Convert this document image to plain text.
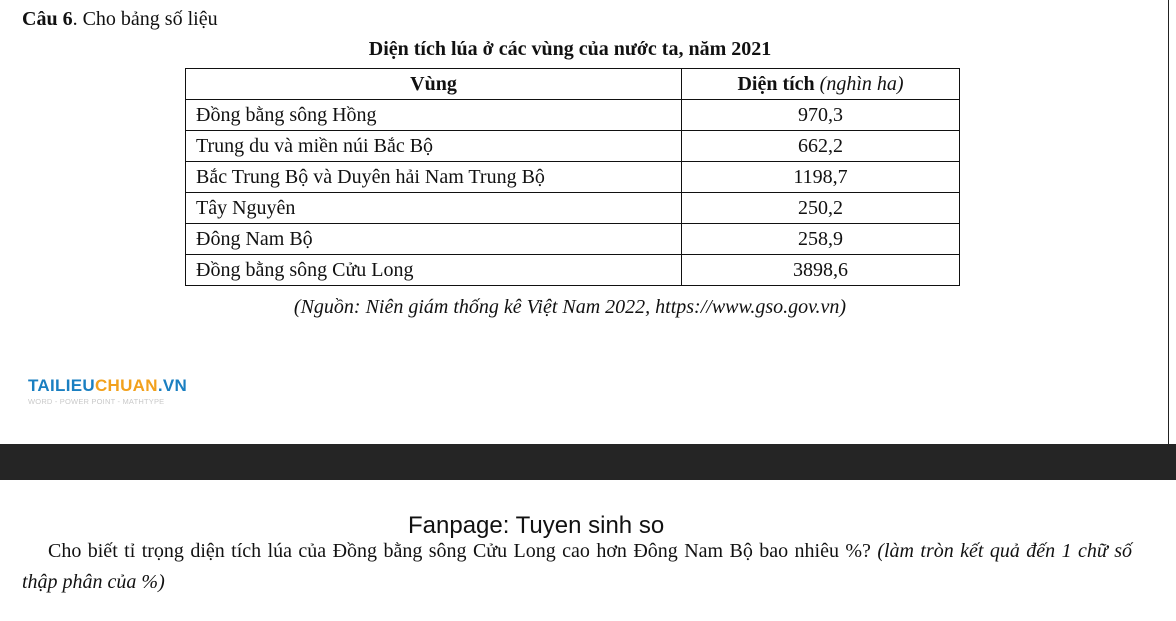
Câu 6. Cho bảng số liệu
Diện tích lúa ở các vùng của nước ta, năm 2021
Vùng	Diện tích (nghìn ha)
Đồng bằng sông Hồng	970,3
Trung du và miền núi Bắc Bộ	662,2
Bắc Trung Bộ và Duyên hải Nam Trung Bộ	1198,7
Tây Nguyên	250,2
Đông Nam Bộ	258,9
Đồng bằng sông Cửu Long	3898,6
(Nguồn: Niên giám thống kê Việt Nam 2022, https://www.gso.gov.vn)
TAILIEUCHUAN.VN
WORD - POWER POINT - MATHTYPE
Fanpage: Tuyen sinh so
Cho biết tỉ trọng diện tích lúa của Đồng bằng sông Cửu Long cao hơn Đông Nam Bộ bao nhiêu %? (làm tròn kết quả đến 1 chữ số thập phân của %)
